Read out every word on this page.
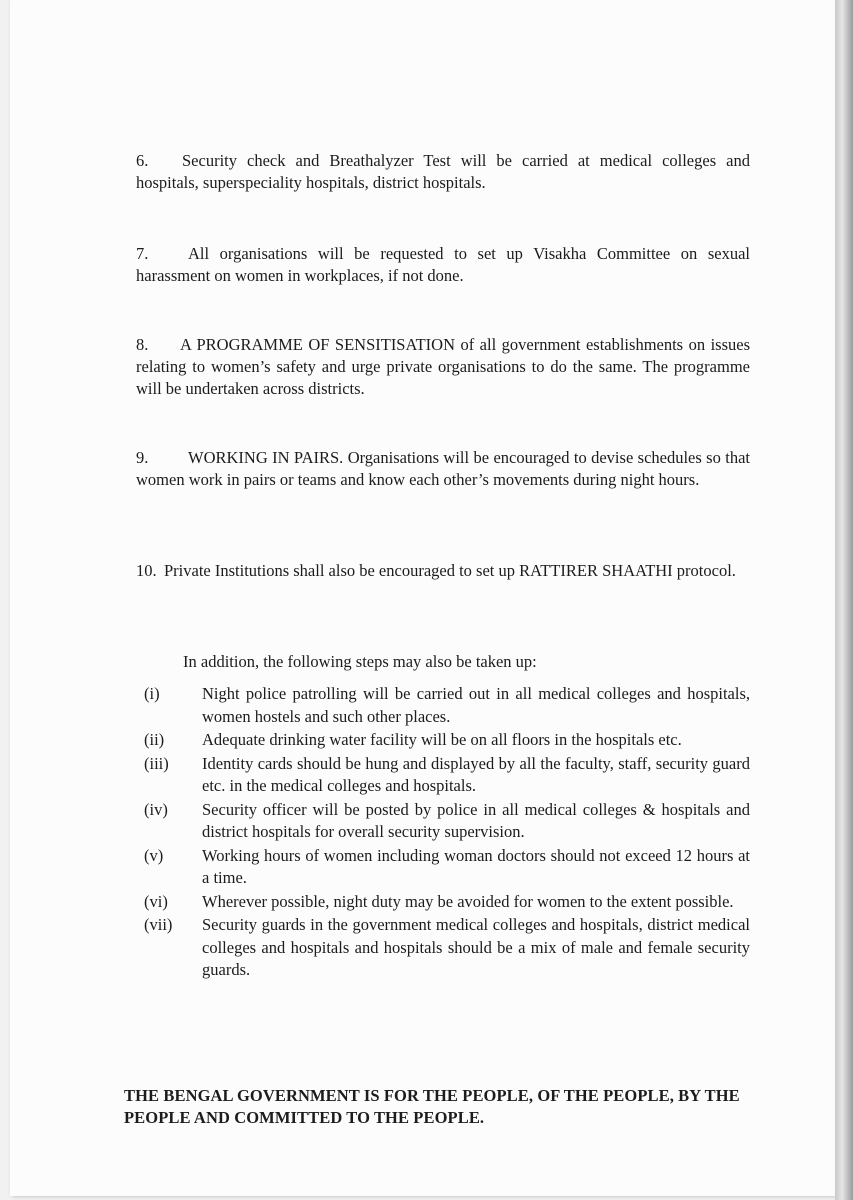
6. Security check and Breathalyzer Test will be carried at medical colleges and hospitals, superspeciality hospitals, district hospitals.
7. All organisations will be requested to set up Visakha Committee on sexual harassment on women in workplaces, if not done.
8. A PROGRAMME OF SENSITISATION of all government establishments on issues relating to women’s safety and urge private organisations to do the same. The programme will be undertaken across districts.
9. WORKING IN PAIRS. Organisations will be encouraged to devise schedules so that women work in pairs or teams and know each other’s movements during night hours.
10. Private Institutions shall also be encouraged to set up RATTIRER SHAATHI protocol.
In addition, the following steps may also be taken up:
(i)	Night police patrolling will be carried out in all medical colleges and hospitals, women hostels and such other places.
(ii)	Adequate drinking water facility will be on all floors in the hospitals etc.
(iii)	Identity cards should be hung and displayed by all the faculty, staff, security guard etc. in the medical colleges and hospitals.
(iv)	Security officer will be posted by police in all medical colleges & hospitals and district hospitals for overall security supervision.
(v)	Working hours of women including woman doctors should not exceed 12 hours at a time.
(vi)	Wherever possible, night duty may be avoided for women to the extent possible.
(vii)	Security guards in the government medical colleges and hospitals, district medical colleges and hospitals and hospitals should be a mix of male and female security guards.
THE BENGAL GOVERNMENT IS FOR THE PEOPLE, OF THE PEOPLE, BY THE PEOPLE AND COMMITTED TO THE PEOPLE.
